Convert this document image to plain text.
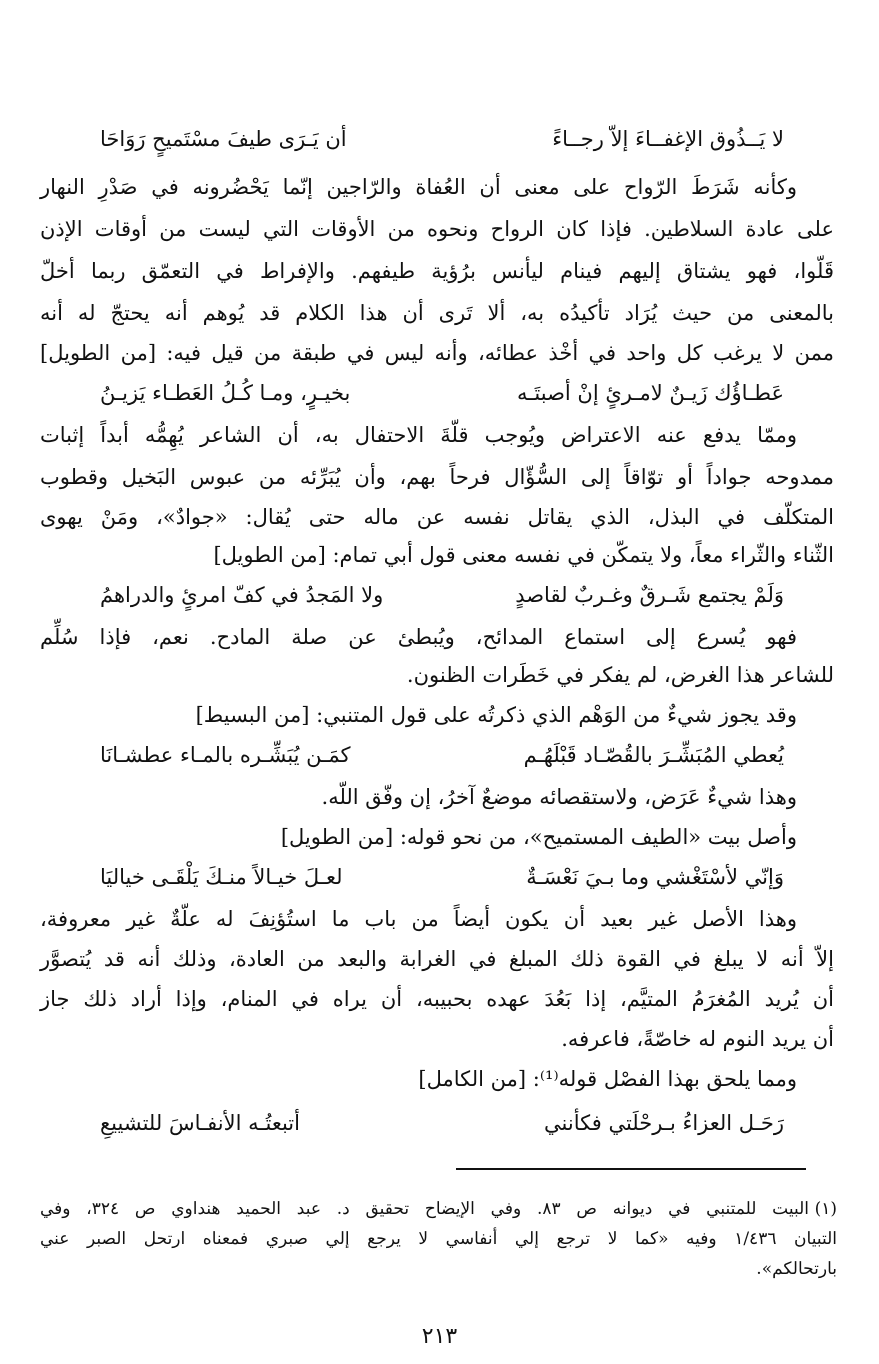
لا يَــذُوق الإغفــاءَ إلاّ رجــاءً
أن يَـرَى طيفَ مسْتَميحٍ رَوَاحَا
وكأنه شَرَطَ الرّواح على معنى أن العُفاة والرّاجين إنّما يَحْضُرونه في صَدْرِ النهار
على عادة السلاطين. فإذا كان الرواح ونحوه من الأوقات التي ليست من أوقات الإذن
قَلّوا، فهو يشتاق إليهم فينام ليأنس برُؤية طيفهم. والإفراط في التعمّق ربما أخلّ
بالمعنى من حيث يُرَاد تأكيدُه به، ألا تَرى أن هذا الكلام قد يُوهم أنه يحتجّ له أنه
ممن لا يرغب كل واحد في أخْذ عطائه، وأنه ليس في طبقة من قيل فيه: [من الطويل]
عَطـاؤُك زَيـنٌ لامـرئٍ إنْ أصبتَـه
بخيـرٍ، ومـا كُـلُ العَطـاء يَزيـنُ
وممّا يدفع عنه الاعتراض ويُوجب قلّةَ الاحتفال به، أن الشاعر يُهِمُّه أبداً إثبات
ممدوحه جواداً أو توّاقاً إلى السُّؤّال فرحاً بهم، وأن يُبَرِّئه من عبوس البَخيل وقطوب
المتكلّف في البذل، الذي يقاتل نفسه عن ماله حتى يُقال: «جوادٌ»، ومَنْ يهوى
الثّناء والثّراء معاً، ولا يتمكّن في نفسه معنى قول أبي تمام: [من الطويل]
وَلَمْ يجتمع شَـرقٌ وغـربٌ لقاصدٍ
ولا المَجدُ في كفّ امرئٍ والدراهمُ
فهو يُسرع إلى استماع المدائح، ويُبطئ عن صلة المادح. نعم، فإذا سُلِّم
للشاعر هذا الغرض، لم يفكر في خَطَرات الظنون.
وقد يجوز شيءٌ من الوَهْم الذي ذكرتُه على قول المتنبي: [من البسيط]
يُعطي المُبَشِّـرَ بالقُصّـاد قَبْلَهُـم
كمَـن يُبَشِّـره بالمـاء عطشـانَا
وهذا شيءٌ عَرَض، ولاستقصائه موضعٌ آخرُ، إن وفّق اللّه.
وأصل بيت «الطيف المستميح»، من نحو قوله: [من الطويل]
وَإنّي لأسْتَغْشي وما بـيَ نَعْسَـةٌ
لعـلَ خيـالاً منـكَ يَلْقَـى خياليَا
وهذا الأصل غير بعيد أن يكون أيضاً من باب ما استُؤنِفَ له علّةٌ غير معروفة،
إلاّ أنه لا يبلغ في القوة ذلك المبلغ في الغرابة والبعد من العادة، وذلك أنه قد يُتصوَّر
أن يُريد المُغرَمُ المتيَّم، إذا بَعُدَ عهده بحبيبه، أن يراه في المنام، وإذا أراد ذلك جاز
أن يريد النوم له خاصّةً، فاعرفه.
ومما يلحق بهذا الفصْل قوله⁽¹⁾: [من الكامل]
رَحَـل العزاءُ بـرحْلَتي فكأنني
أتبعتُـه الأنفـاسَ للتشييعِ
(١)
البيت للمتنبي في ديوانه ص ٨٣. وفي الإيضاح تحقيق د. عبد الحميد هنداوي ص ٣٢٤، وفي
التبيان ١/٤٣٦ وفيه «كما لا ترجع إلي أنفاسي لا يرجع إلي صبري فمعناه ارتحل الصبر عني
بارتحالكم».
٢١٣
